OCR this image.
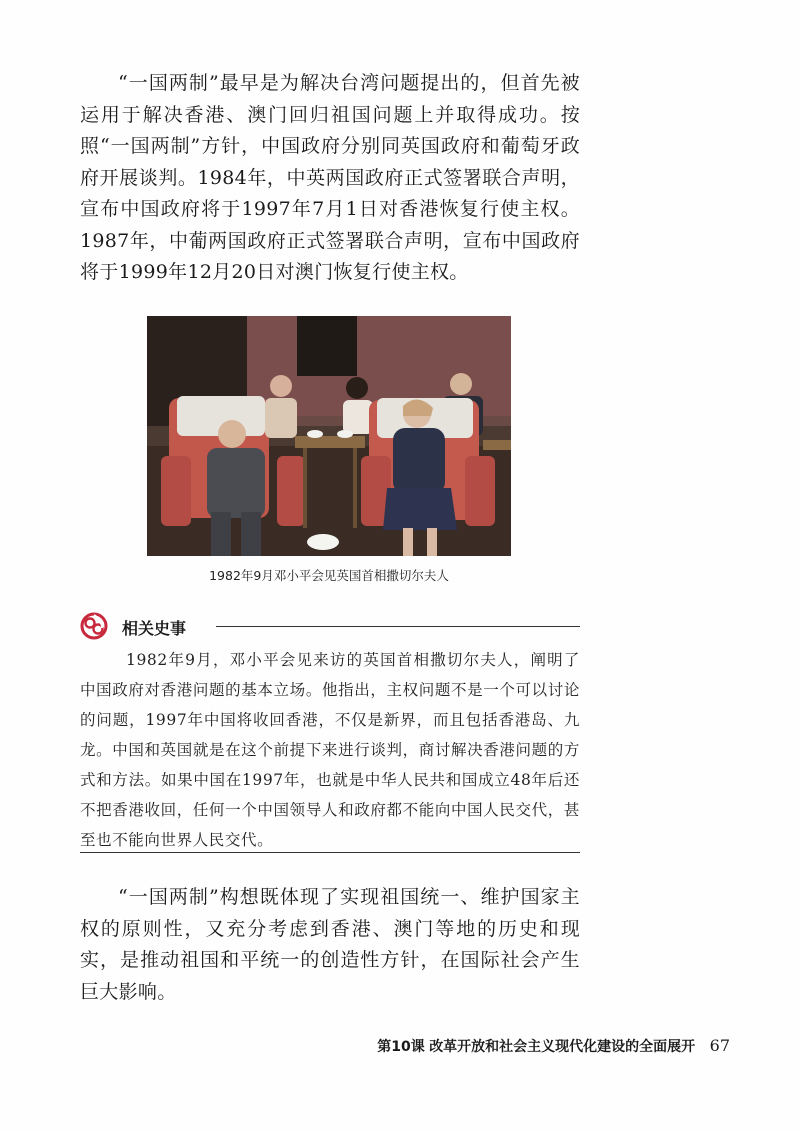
“一国两制”最早是为解决台湾问题提出的，但首先被运用于解决香港、澳门回归祖国问题上并取得成功。按照“一国两制”方针，中国政府分别同英国政府和葡萄牙政府开展谈判。1984年，中英两国政府正式签署联合声明，宣布中国政府将于1997年7月1日对香港恢复行使主权。1987年，中葡两国政府正式签署联合声明，宣布中国政府将于1999年12月20日对澳门恢复行使主权。

1982年9月邓小平会见英国首相撒切尔夫人
相关史事

1982年9月，邓小平会见来访的英国首相撒切尔夫人，阐明了中国政府对香港问题的基本立场。他指出，主权问题不是一个可以讨论的问题，1997年中国将收回香港，不仅是新界，而且包括香港岛、九龙。中国和英国就是在这个前提下来进行谈判，商讨解决香港问题的方式和方法。如果中国在1997年，也就是中华人民共和国成立48年后还不把香港收回，任何一个中国领导人和政府都不能向中国人民交代，甚至也不能向世界人民交代。

“一国两制”构想既体现了实现祖国统一、维护国家主权的原则性，又充分考虑到香港、澳门等地的历史和现实，是推动祖国和平统一的创造性方针，在国际社会产生巨大影响。

第10课 改革开放和社会主义现代化建设的全面展开 67
